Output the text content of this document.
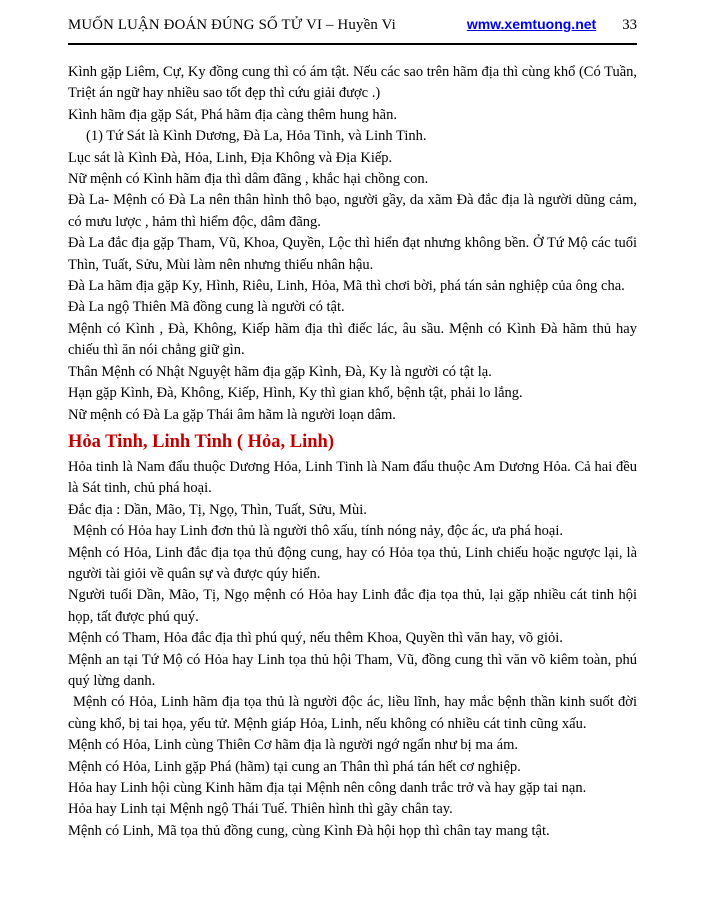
MUỐN LUẬN ĐOÁN ĐÚNG SỐ TỬ VI – Huyền Vi	wmw.xemtuong.net 33

Kình gặp Liêm, Cự, Ky đồng cung thì có ám tật. Nếu các sao trên hãm địa thì cùng khổ (Có Tuần, Triệt án ngữ hay nhiều sao tốt đẹp thì cứu giải được .)

Kình hãm địa gặp Sát, Phá hãm địa càng thêm hung hãn.

(1) Tứ Sát là Kình Dương, Đà La, Hỏa Tinh, và Linh Tinh.

Lục sát là Kình Đà, Hỏa, Linh, Địa Không và Địa Kiếp.

Nữ mệnh có Kình hãm địa thì dâm đãng , khắc hại chồng con.

Đà La- Mệnh có Đà La nên thân hình thô bạo, người gầy, da xãm Đà đắc địa là người dũng cảm, có mưu lược , hảm thì hiểm độc, dâm đãng.

Đà La đắc địa gặp Tham, Vũ, Khoa, Quyền, Lộc thì hiển đạt nhưng không bền. Ở Tứ Mộ các tuổi Thìn, Tuất, Sửu, Mùi làm nên nhưng thiếu nhân hậu.

Đà La hãm địa gặp Ky, Hình, Riêu, Linh, Hỏa, Mã thì chơi bời, phá tán sản nghiệp của ông cha.

Đà La ngộ Thiên Mã đồng cung là người có tật.

Mệnh có Kình , Đà, Không, Kiếp hãm địa thì điếc lác, âu sầu. Mệnh có Kình Đà hãm thủ hay chiếu thì ăn nói chẳng giữ gìn.

Thân Mệnh có Nhật Nguyệt hãm địa gặp Kình, Đà, Ky là người có tật lạ.

Hạn gặp Kình, Đà, Không, Kiếp, Hình, Ky thì gian khổ, bệnh tật, phải lo lắng.

Nữ mệnh có Đà La gặp Thái âm hãm là người loạn dâm.

Hỏa Tinh, Linh Tinh ( Hỏa, Linh)

Hỏa tinh là Nam đẩu thuộc Dương Hỏa, Linh Tinh là Nam đẩu thuộc Am Dương Hỏa. Cả hai đều là Sát tinh, chủ phá hoại.

Đắc địa : Dần, Mão, Tị, Ngọ, Thìn, Tuất, Sửu, Mùi.

Mệnh có Hỏa hay Linh đơn thủ là người thô xấu, tính nóng nảy, độc ác, ưa phá hoại.

Mệnh có Hỏa, Linh đắc địa tọa thủ động cung, hay có Hỏa tọa thủ, Linh chiếu hoặc ngược lại, là người tài giỏi về quân sự và được qúy hiển.

Người tuổi Dần, Mão, Tị, Ngọ mệnh có Hỏa hay Linh đắc địa tọa thủ, lại gặp nhiều cát tinh hội họp, tất được phú quý.

Mệnh có Tham, Hỏa đắc địa thì phú quý, nếu thêm Khoa, Quyền thì văn hay, võ giỏi.

Mệnh an tại Tứ Mộ có Hỏa hay Linh tọa thủ hội Tham, Vũ, đồng cung thì văn võ kiêm toàn, phú quý lừng danh.

Mệnh có Hỏa, Linh hãm địa tọa thủ là người độc ác, liều lĩnh, hay mắc bệnh thần kinh suốt đời cùng khổ, bị tai họa, yếu tử. Mệnh giáp Hỏa, Linh, nếu không có nhiều cát tinh cũng xấu.

Mệnh có Hỏa, Linh cùng Thiên Cơ hãm địa là người ngớ ngẩn như bị ma ám.

Mệnh có Hỏa, Linh gặp Phá (hãm) tại cung an Thân thì phá tán hết cơ nghiệp.

Hỏa hay Linh hội cùng Kinh hãm địa tại Mệnh nên công danh trắc trở và hay gặp tai nạn.

Hỏa hay Linh tại Mệnh ngộ Thái Tuế. Thiên hình thì gãy chân tay.

Mệnh có Linh, Mã tọa thủ đồng cung, cùng Kình Đà hội họp thì chân tay mang tật.
